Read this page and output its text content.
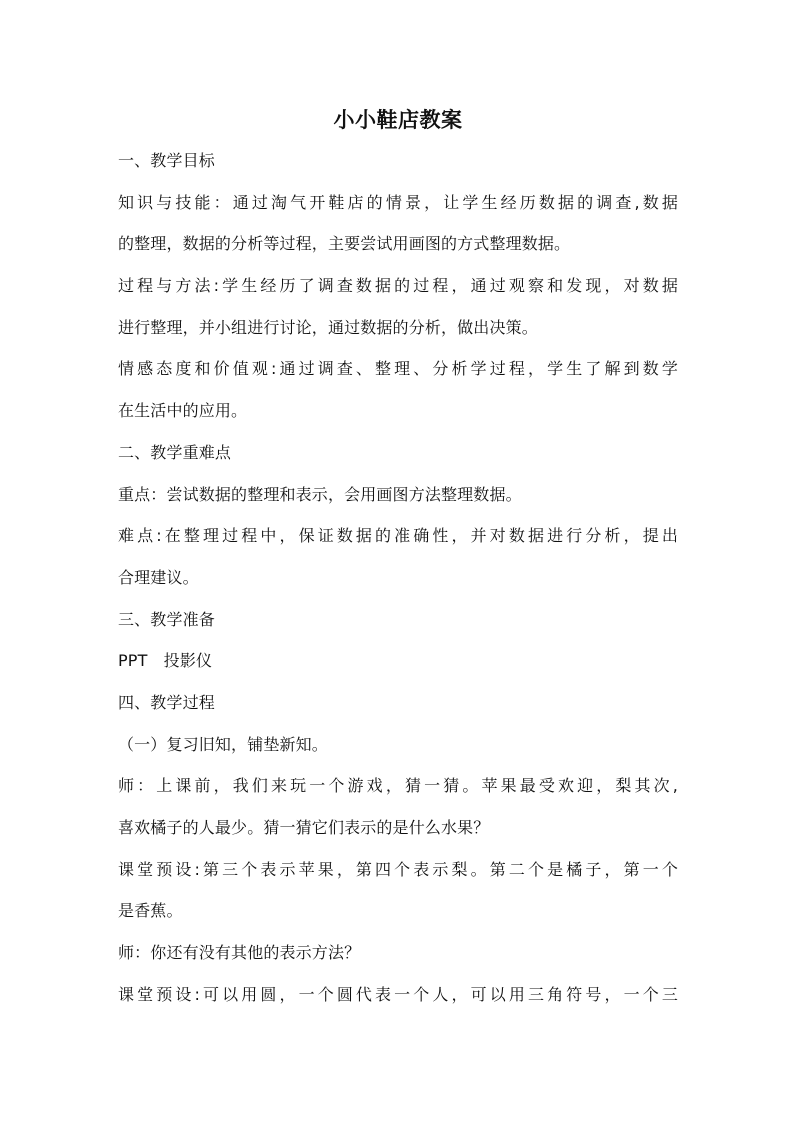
小小鞋店教案
一、教学目标
知识与技能：通过淘气开鞋店的情景，让学生经历数据的调查,数据
的整理，数据的分析等过程，主要尝试用画图的方式整理数据。
过程与方法:学生经历了调查数据的过程，通过观察和发现，对数据
进行整理，并小组进行讨论，通过数据的分析，做出决策。
情感态度和价值观:通过调查、整理、分析学过程，学生了解到数学
在生活中的应用。
二、教学重难点
重点：尝试数据的整理和表示，会用画图方法整理数据。
难点:在整理过程中，保证数据的准确性，并对数据进行分析，提出
合理建议。
三、教学准备
PPT　投影仪
四、教学过程
（一）复习旧知，铺垫新知。
师：上课前，我们来玩一个游戏，猜一猜。苹果最受欢迎，梨其次,
喜欢橘子的人最少。猜一猜它们表示的是什么水果？
课堂预设:第三个表示苹果，第四个表示梨。第二个是橘子，第一个
是香蕉。
师：你还有没有其他的表示方法？
课堂预设:可以用圆，一个圆代表一个人，可以用三角符号，一个三
